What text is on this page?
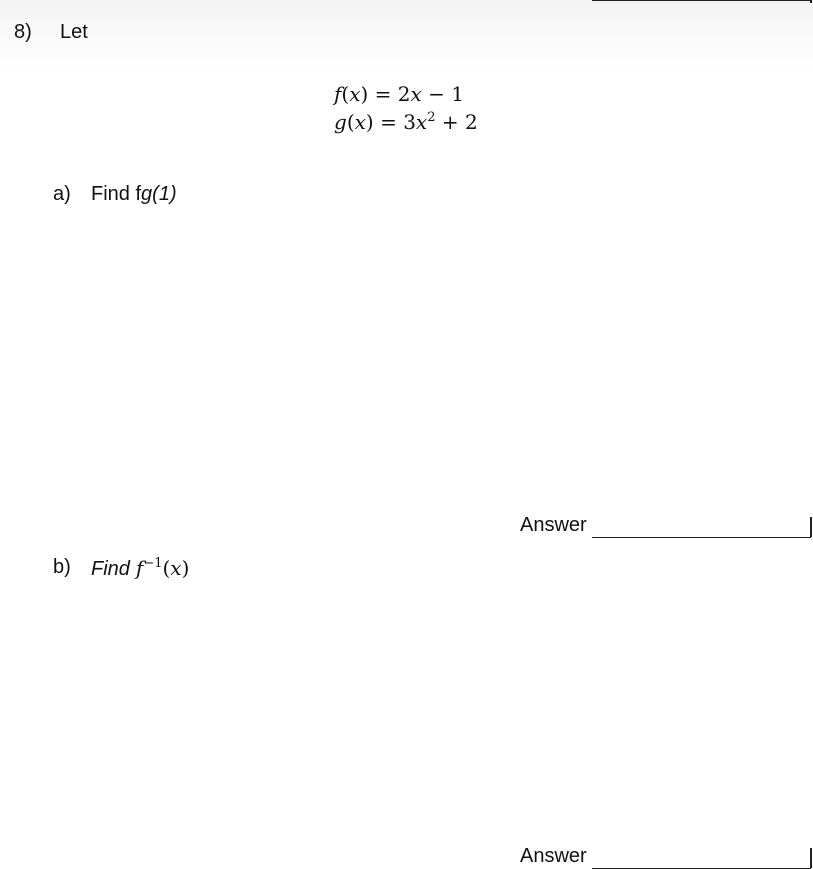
8) Let
f(x) = 2x − 1
$g(x) = 3x^2 + 2$
a) Find fg(1)
Answer
b) Find $f^{-1}(x)$
Answer
